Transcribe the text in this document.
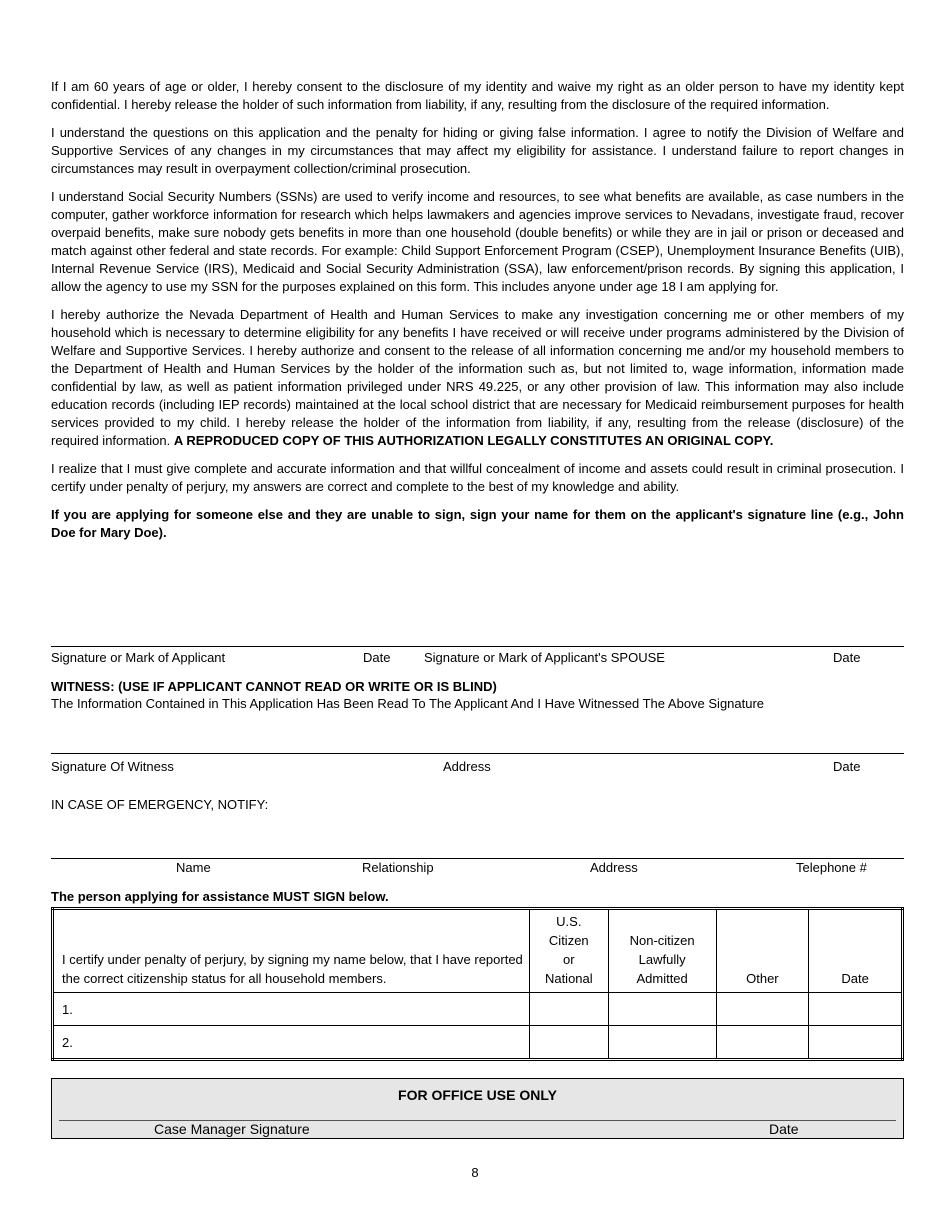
If I am 60 years of age or older, I hereby consent to the disclosure of my identity and waive my right as an older person to have my identity kept confidential. I hereby release the holder of such information from liability, if any, resulting from the disclosure of the required information.

I understand the questions on this application and the penalty for hiding or giving false information. I agree to notify the Division of Welfare and Supportive Services of any changes in my circumstances that may affect my eligibility for assistance. I understand failure to report changes in circumstances may result in overpayment collection/criminal prosecution.

I understand Social Security Numbers (SSNs) are used to verify income and resources, to see what benefits are available, as case numbers in the computer, gather workforce information for research which helps lawmakers and agencies improve services to Nevadans, investigate fraud, recover overpaid benefits, make sure nobody gets benefits in more than one household (double benefits) or while they are in jail or prison or deceased and match against other federal and state records. For example: Child Support Enforcement Program (CSEP), Unemployment Insurance Benefits (UIB), Internal Revenue Service (IRS), Medicaid and Social Security Administration (SSA), law enforcement/prison records. By signing this application, I allow the agency to use my SSN for the purposes explained on this form. This includes anyone under age 18 I am applying for.

I hereby authorize the Nevada Department of Health and Human Services to make any investigation concerning me or other members of my household which is necessary to determine eligibility for any benefits I have received or will receive under programs administered by the Division of Welfare and Supportive Services. I hereby authorize and consent to the release of all information concerning me and/or my household members to the Department of Health and Human Services by the holder of the information such as, but not limited to, wage information, information made confidential by law, as well as patient information privileged under NRS 49.225, or any other provision of law. This information may also include education records (including IEP records) maintained at the local school district that are necessary for Medicaid reimbursement purposes for health services provided to my child. I hereby release the holder of the information from liability, if any, resulting from the release (disclosure) of the required information. A REPRODUCED COPY OF THIS AUTHORIZATION LEGALLY CONSTITUTES AN ORIGINAL COPY.

I realize that I must give complete and accurate information and that willful concealment of income and assets could result in criminal prosecution. I certify under penalty of perjury, my answers are correct and complete to the best of my knowledge and ability.

If you are applying for someone else and they are unable to sign, sign your name for them on the applicant's signature line (e.g., John Doe for Mary Doe).

Signature or Mark of Applicant	Date	Signature or Mark of Applicant's SPOUSE	Date
WITNESS: (USE IF APPLICANT CANNOT READ OR WRITE OR IS BLIND)
The Information Contained in This Application Has Been Read To The Applicant And I Have Witnessed The Above Signature
Signature Of Witness	Address	Date
IN CASE OF EMERGENCY, NOTIFY:
Name	Relationship	Address	Telephone #
The person applying for assistance MUST SIGN below.
I certify under penalty of perjury, by signing my name below, that I have reported the correct citizenship status for all household members.	U.S.
Citizen
or
National	Non-citizen
Lawfully
Admitted	Other	Date
1.				
2.				
FOR OFFICE USE ONLY
Case Manager Signature	Date
8
